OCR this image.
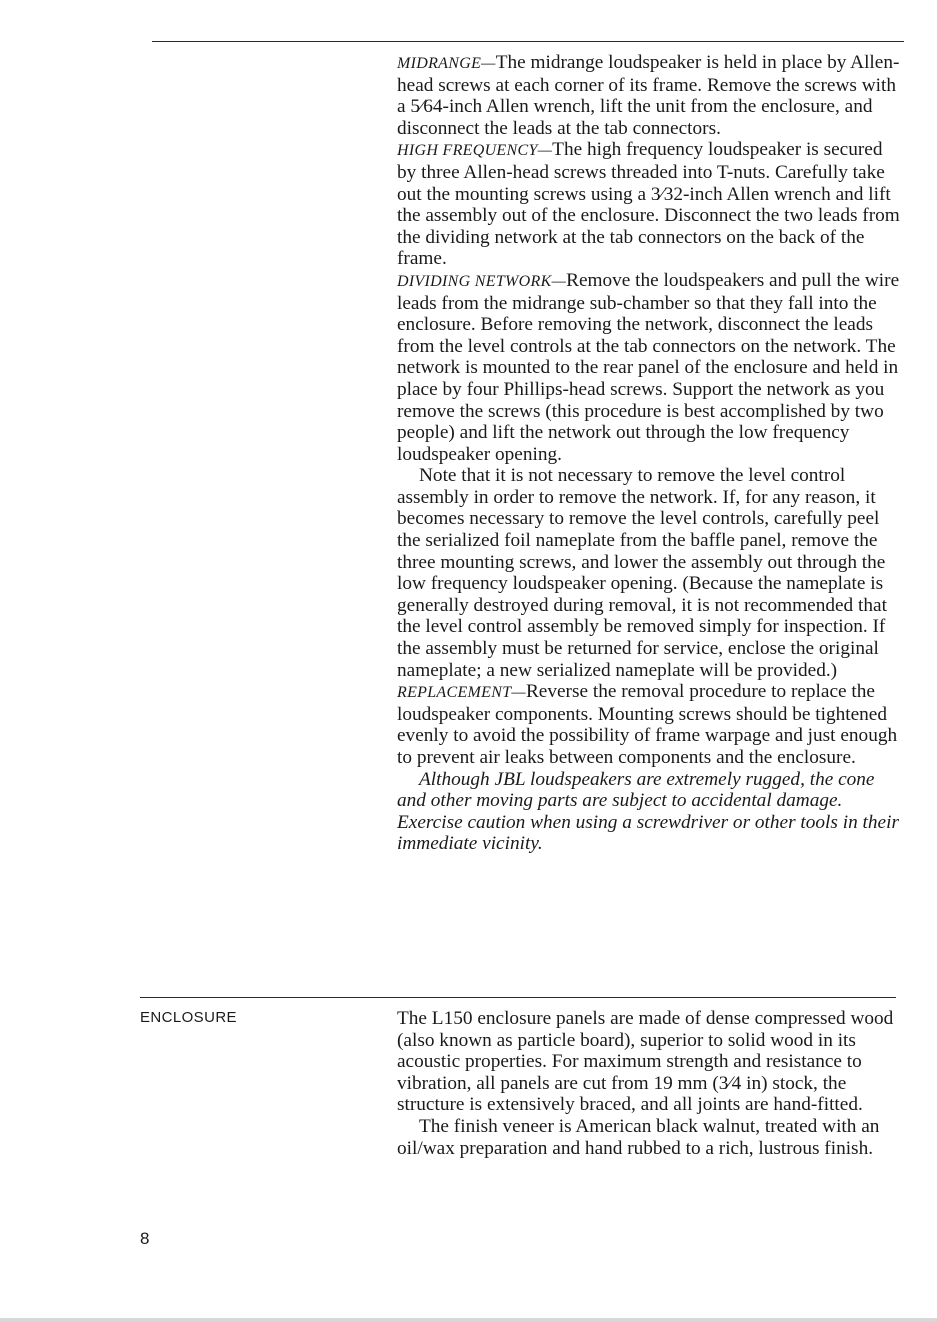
MIDRANGE—The midrange loudspeaker is held in place by Allen-head screws at each corner of its frame. Remove the screws with a 5⁄64-inch Allen wrench, lift the unit from the enclosure, and disconnect the leads at the tab connectors.

HIGH FREQUENCY—The high frequency loudspeaker is secured by three Allen-head screws threaded into T-nuts. Carefully take out the mounting screws using a 3⁄32-inch Allen wrench and lift the assembly out of the enclosure. Disconnect the two leads from the dividing network at the tab connectors on the back of the frame.

DIVIDING NETWORK—Remove the loudspeakers and pull the wire leads from the midrange sub-chamber so that they fall into the enclosure. Before removing the network, disconnect the leads from the level controls at the tab connectors on the network. The network is mounted to the rear panel of the enclosure and held in place by four Phillips-head screws. Support the network as you remove the screws (this procedure is best accomplished by two people) and lift the network out through the low frequency loudspeaker opening.

Note that it is not necessary to remove the level control assembly in order to remove the network. If, for any reason, it becomes necessary to remove the level controls, carefully peel the serialized foil nameplate from the baffle panel, remove the three mounting screws, and lower the assembly out through the low frequency loudspeaker opening. (Because the nameplate is generally destroyed during removal, it is not recommended that the level control assembly be removed simply for inspection. If the assembly must be returned for service, enclose the original nameplate; a new serialized nameplate will be provided.)

REPLACEMENT—Reverse the removal procedure to replace the loudspeaker components. Mounting screws should be tightened evenly to avoid the possibility of frame warpage and just enough to prevent air leaks between components and the enclosure.

Although JBL loudspeakers are extremely rugged, the cone and other moving parts are subject to accidental damage. Exercise caution when using a screwdriver or other tools in their immediate vicinity.

ENCLOSURE	The L150 enclosure panels are made of dense compressed wood (also known as particle board), superior to solid wood in its acoustic properties. For maximum strength and resistance to vibration, all panels are cut from 19 mm (3⁄4 in) stock, the structure is extensively braced, and all joints are hand-fitted.

The finish veneer is American black walnut, treated with an oil/wax preparation and hand rubbed to a rich, lustrous finish.

8
